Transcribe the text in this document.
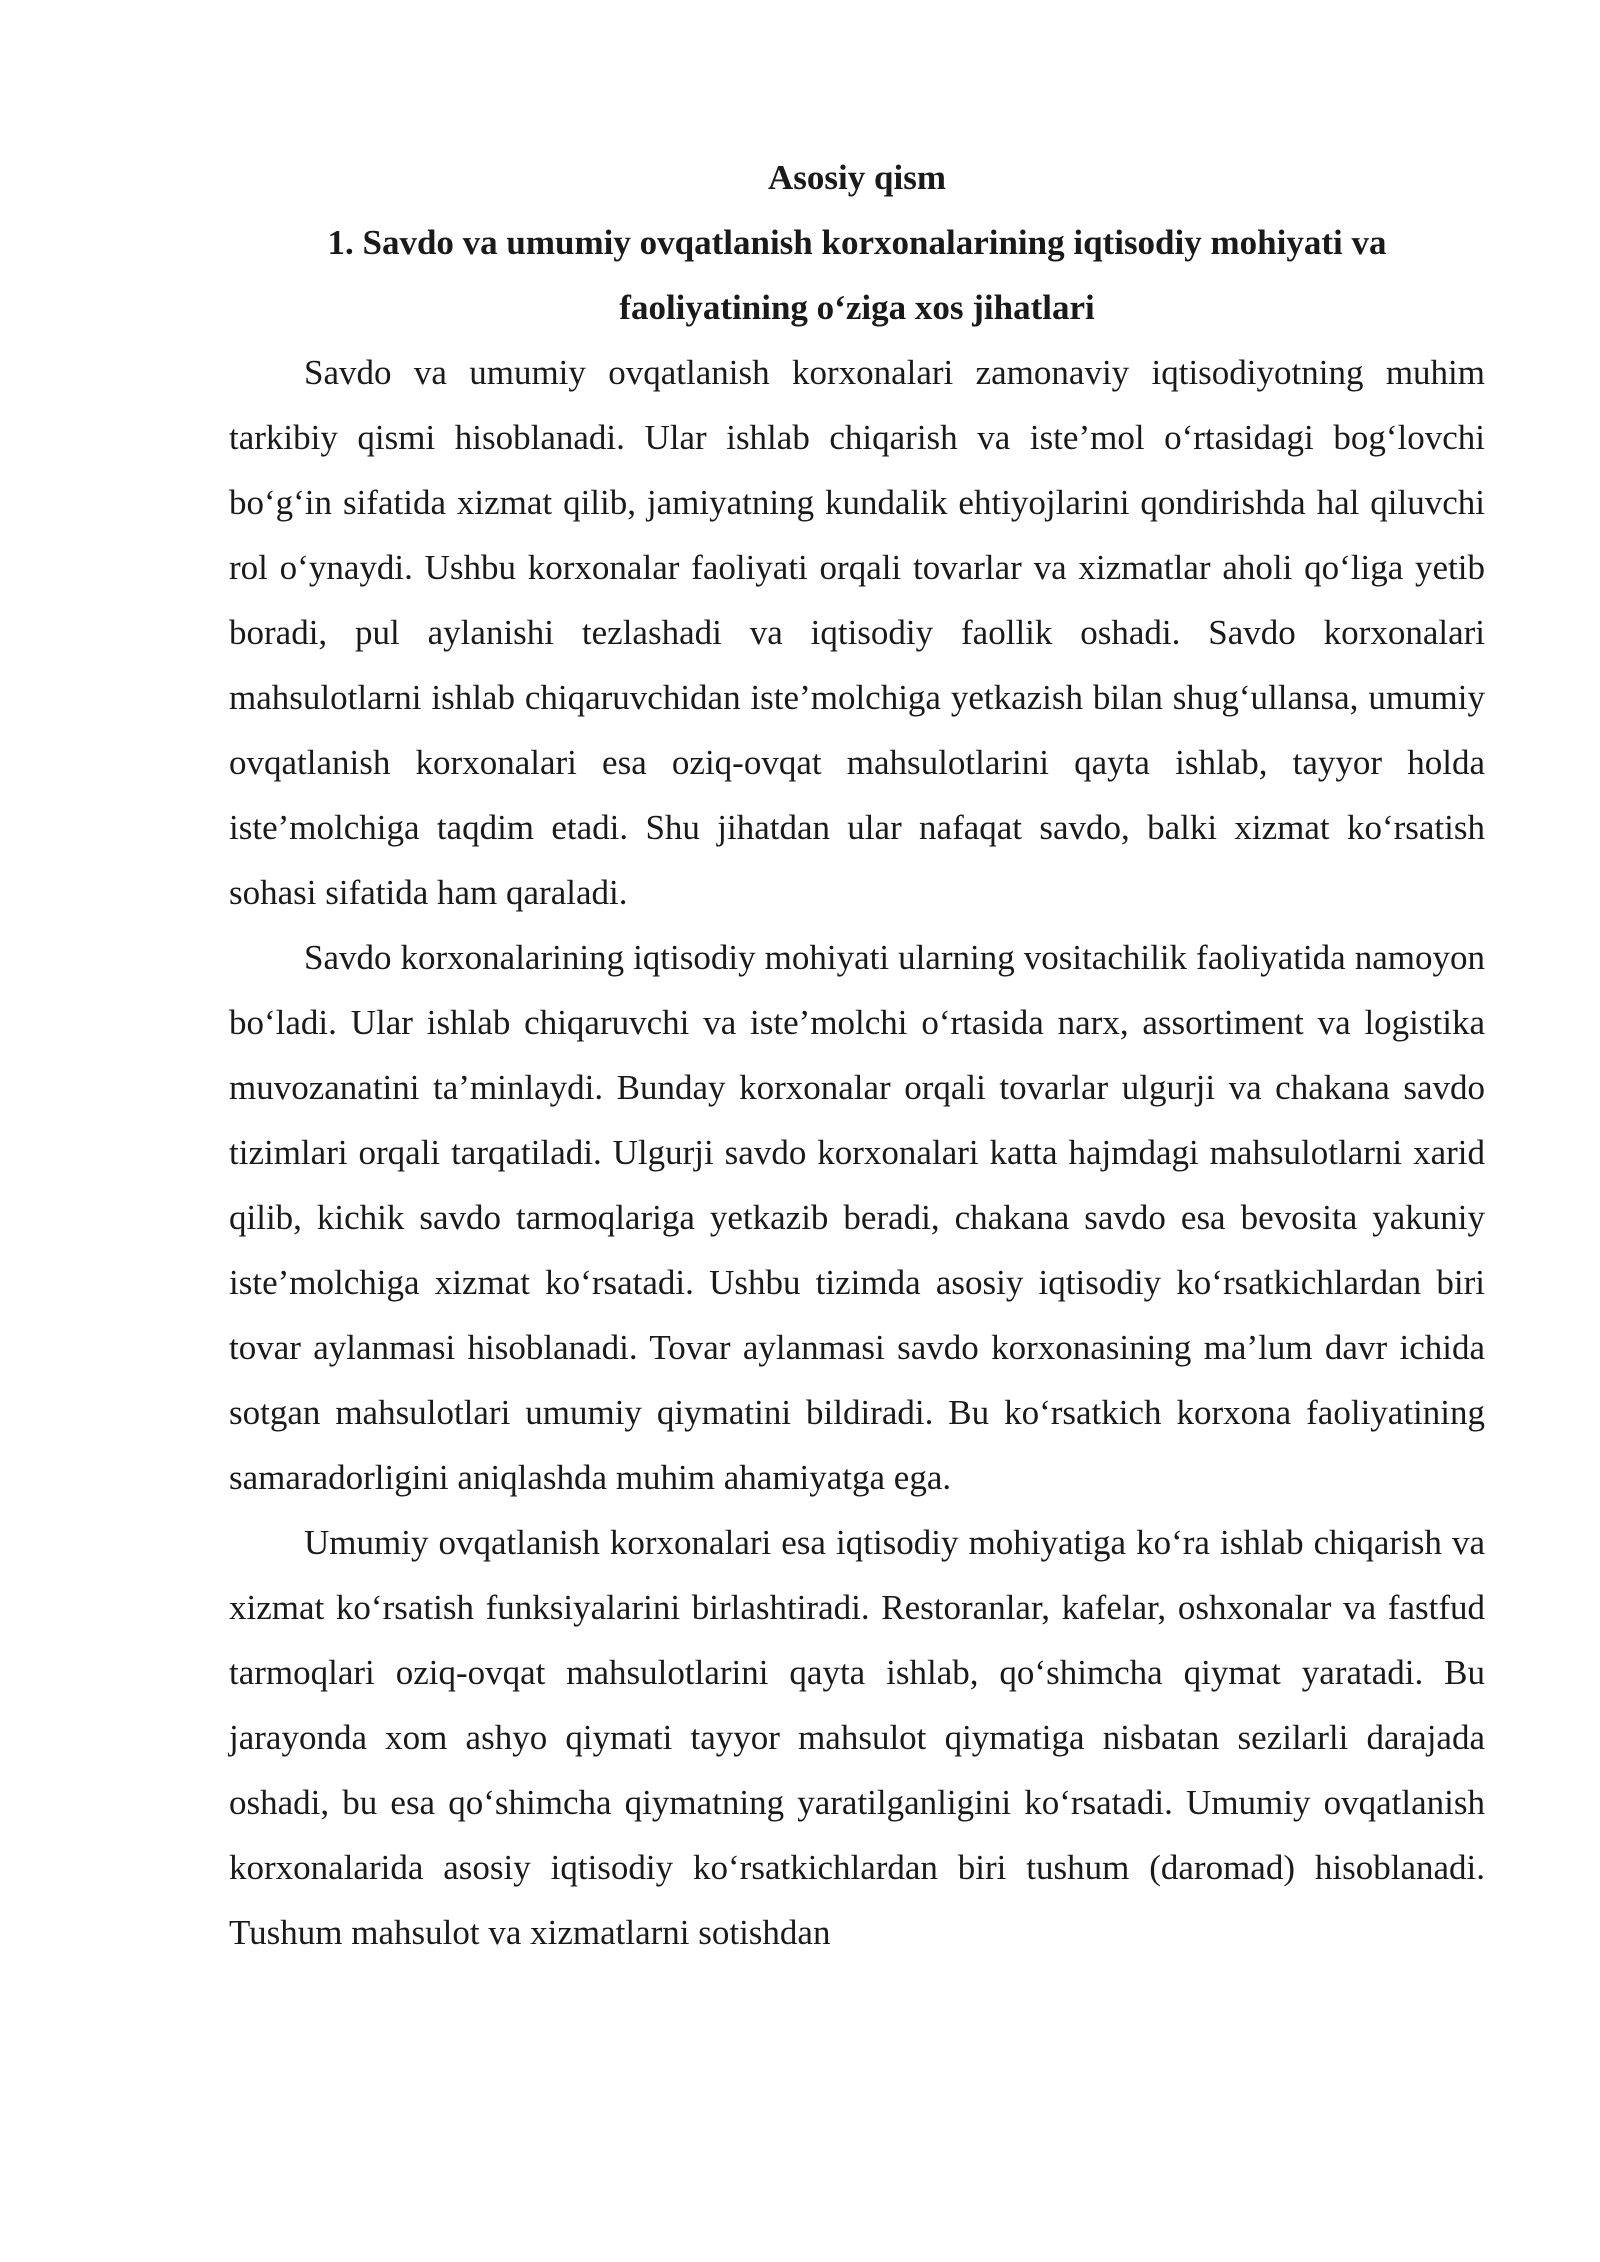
Asosiy qism

1. Savdo va umumiy ovqatlanish korxonalarining iqtisodiy mohiyati va faoliyatining o‘ziga xos jihatlari

Savdo va umumiy ovqatlanish korxonalari zamonaviy iqtisodiyotning muhim tarkibiy qismi hisoblanadi. Ular ishlab chiqarish va iste’mol o‘rtasidagi bog‘lovchi bo‘g‘in sifatida xizmat qilib, jamiyatning kundalik ehtiyojlarini qondirishda hal qiluvchi rol o‘ynaydi. Ushbu korxonalar faoliyati orqali tovarlar va xizmatlar aholi qo‘liga yetib boradi, pul aylanishi tezlashadi va iqtisodiy faollik oshadi. Savdo korxonalari mahsulotlarni ishlab chiqaruvchidan iste’molchiga yetkazish bilan shug‘ullansa, umumiy ovqatlanish korxonalari esa oziq-ovqat mahsulotlarini qayta ishlab, tayyor holda iste’molchiga taqdim etadi. Shu jihatdan ular nafaqat savdo, balki xizmat ko‘rsatish sohasi sifatida ham qaraladi.

Savdo korxonalarining iqtisodiy mohiyati ularning vositachilik faoliyatida namoyon bo‘ladi. Ular ishlab chiqaruvchi va iste’molchi o‘rtasida narx, assortiment va logistika muvozanatini ta’minlaydi. Bunday korxonalar orqali tovarlar ulgurji va chakana savdo tizimlari orqali tarqatiladi. Ulgurji savdo korxonalari katta hajmdagi mahsulotlarni xarid qilib, kichik savdo tarmoqlariga yetkazib beradi, chakana savdo esa bevosita yakuniy iste’molchiga xizmat ko‘rsatadi. Ushbu tizimda asosiy iqtisodiy ko‘rsatkichlardan biri tovar aylanmasi hisoblanadi. Tovar aylanmasi savdo korxonasining ma’lum davr ichida sotgan mahsulotlari umumiy qiymatini bildiradi. Bu ko‘rsatkich korxona faoliyatining samaradorligini aniqlashda muhim ahamiyatga ega.

Umumiy ovqatlanish korxonalari esa iqtisodiy mohiyatiga ko‘ra ishlab chiqarish va xizmat ko‘rsatish funksiyalarini birlashtiradi. Restoranlar, kafelar, oshxonalar va fastfud tarmoqlari oziq-ovqat mahsulotlarini qayta ishlab, qo‘shimcha qiymat yaratadi. Bu jarayonda xom ashyo qiymati tayyor mahsulot qiymatiga nisbatan sezilarli darajada oshadi, bu esa qo‘shimcha qiymatning yaratilganligini ko‘rsatadi. Umumiy ovqatlanish korxonalarida asosiy iqtisodiy ko‘rsatkichlardan biri tushum (daromad) hisoblanadi. Tushum mahsulot va xizmatlarni sotishdan
